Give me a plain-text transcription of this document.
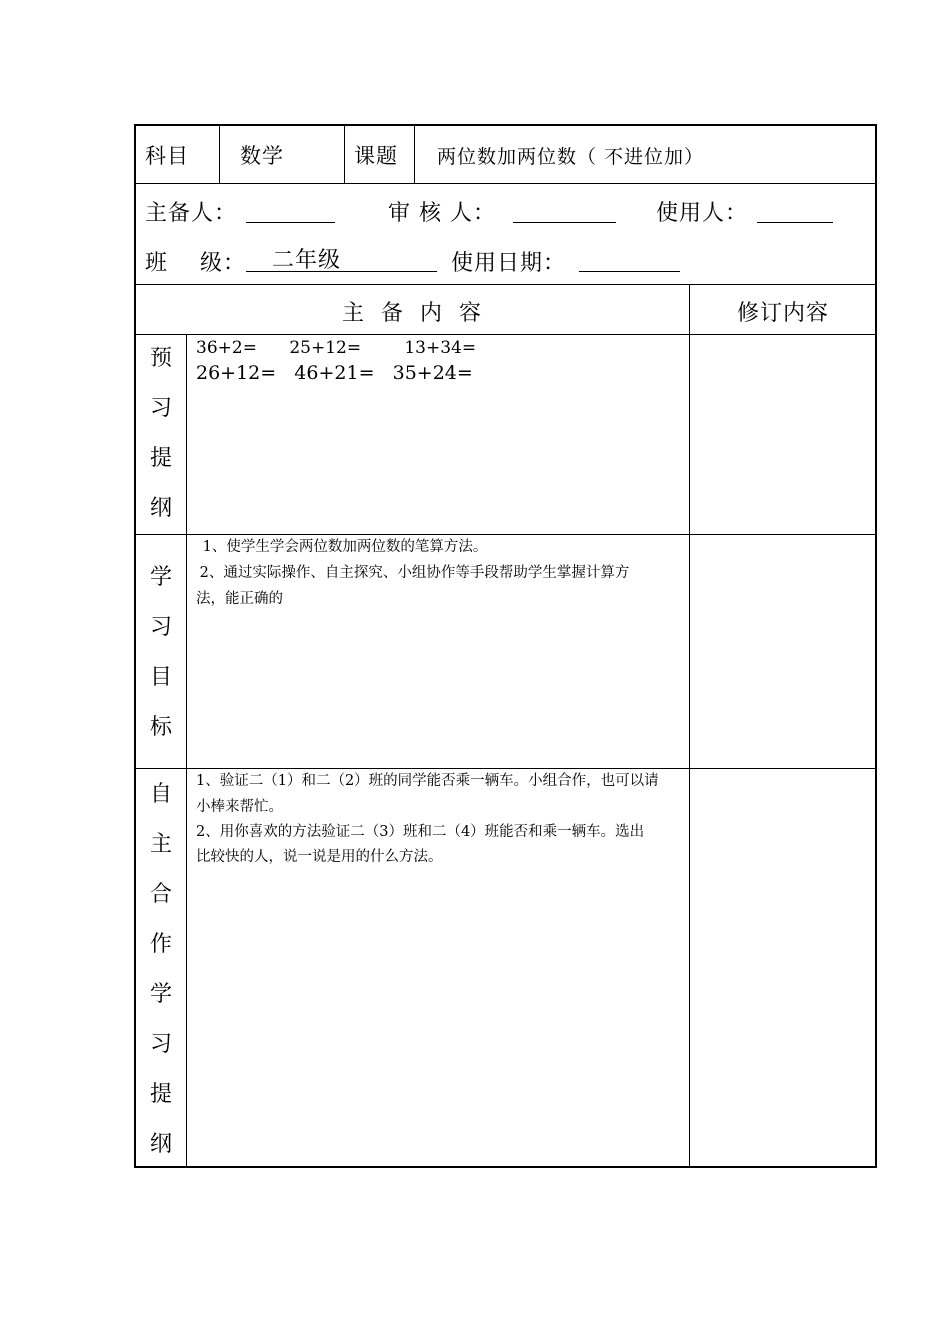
科目 数学	课题 两位数加两位数（ 不进位加）
主备人：	审 核 人：	使用人：
班    级： 二年级	使用日期：
主  备  内  容	修订内容
预
习
提
纲
36+2=      25+12=        13+34=
26+12=   46+21=   35+24=
学
习
目
标
1、使学生学会两位数加两位数的笔算方法。
2、通过实际操作、自主探究、小组协作等手段帮助学生掌握计算方
法，能正确的
自
主
合
作
学
习
提
纲
1、验证二（1）和二（2）班的同学能否乘一辆车。小组合作，也可以请
小棒来帮忙。
2、用你喜欢的方法验证二（3）班和二（4）班能否和乘一辆车。选出
比较快的人，说一说是用的什么方法。
